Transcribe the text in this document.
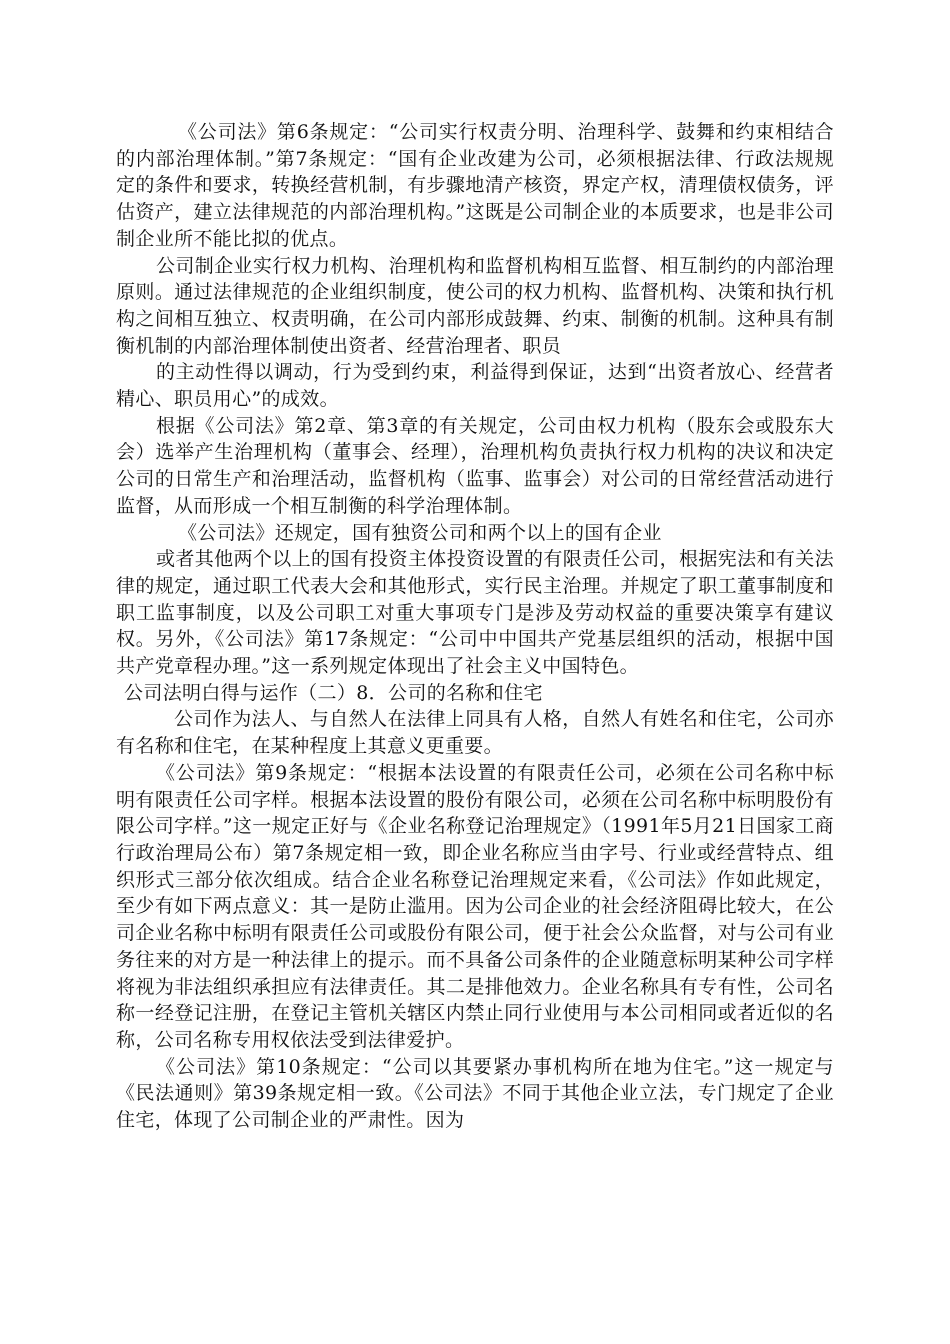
《公司法》第6条规定：“公司实行权责分明、治理科学、鼓舞和约束相结合的内部治理体制。”第7条规定：“国有企业改建为公司，必须根据法律、行政法规规定的条件和要求，转换经营机制，有步骤地清产核资，界定产权，清理债权债务，评估资产，建立法律规范的内部治理机构。”这既是公司制企业的本质要求，也是非公司制企业所不能比拟的优点。

公司制企业实行权力机构、治理机构和监督机构相互监督、相互制约的内部治理原则。通过法律规范的企业组织制度，使公司的权力机构、监督机构、决策和执行机构之间相互独立、权责明确，在公司内部形成鼓舞、约束、制衡的机制。这种具有制衡机制的内部治理体制使出资者、经营治理者、职员

的主动性得以调动，行为受到约束，利益得到保证，达到“出资者放心、经营者精心、职员用心”的成效。

根据《公司法》第2章、第3章的有关规定，公司由权力机构（股东会或股东大会）选举产生治理机构（董事会、经理），治理机构负责执行权力机构的决议和决定公司的日常生产和治理活动，监督机构（监事、监事会）对公司的日常经营活动进行监督，从而形成一个相互制衡的科学治理体制。

《公司法》还规定，国有独资公司和两个以上的国有企业

或者其他两个以上的国有投资主体投资设置的有限责任公司，根据宪法和有关法律的规定，通过职工代表大会和其他形式，实行民主治理。并规定了职工董事制度和职工监事制度，以及公司职工对重大事项专门是涉及劳动权益的重要决策享有建议权。另外，《公司法》第17条规定：“公司中中国共产党基层组织的活动，根据中国共产党章程办理。”这一系列规定体现出了社会主义中国特色。

公司法明白得与运作（二）8．公司的名称和住宅

公司作为法人、与自然人在法律上同具有人格，自然人有姓名和住宅，公司亦有名称和住宅，在某种程度上其意义更重要。

《公司法》第9条规定：“根据本法设置的有限责任公司，必须在公司名称中标明有限责任公司字样。根据本法设置的股份有限公司，必须在公司名称中标明股份有限公司字样。”这一规定正好与《企业名称登记治理规定》（1991年5月21日国家工商行政治理局公布）第7条规定相一致，即企业名称应当由字号、行业或经营特点、组织形式三部分依次组成。结合企业名称登记治理规定来看，《公司法》作如此规定，至少有如下两点意义：其一是防止滥用。因为公司企业的社会经济阻碍比较大，在公司企业名称中标明有限责任公司或股份有限公司，便于社会公众监督，对与公司有业务往来的对方是一种法律上的提示。而不具备公司条件的企业随意标明某种公司字样将视为非法组织承担应有法律责任。其二是排他效力。企业名称具有专有性，公司名称一经登记注册，在登记主管机关辖区内禁止同行业使用与本公司相同或者近似的名称，公司名称专用权依法受到法律爱护。

《公司法》第10条规定：“公司以其要紧办事机构所在地为住宅。”这一规定与《民法通则》第39条规定相一致。《公司法》不同于其他企业立法，专门规定了企业住宅，体现了公司制企业的严肃性。因为
